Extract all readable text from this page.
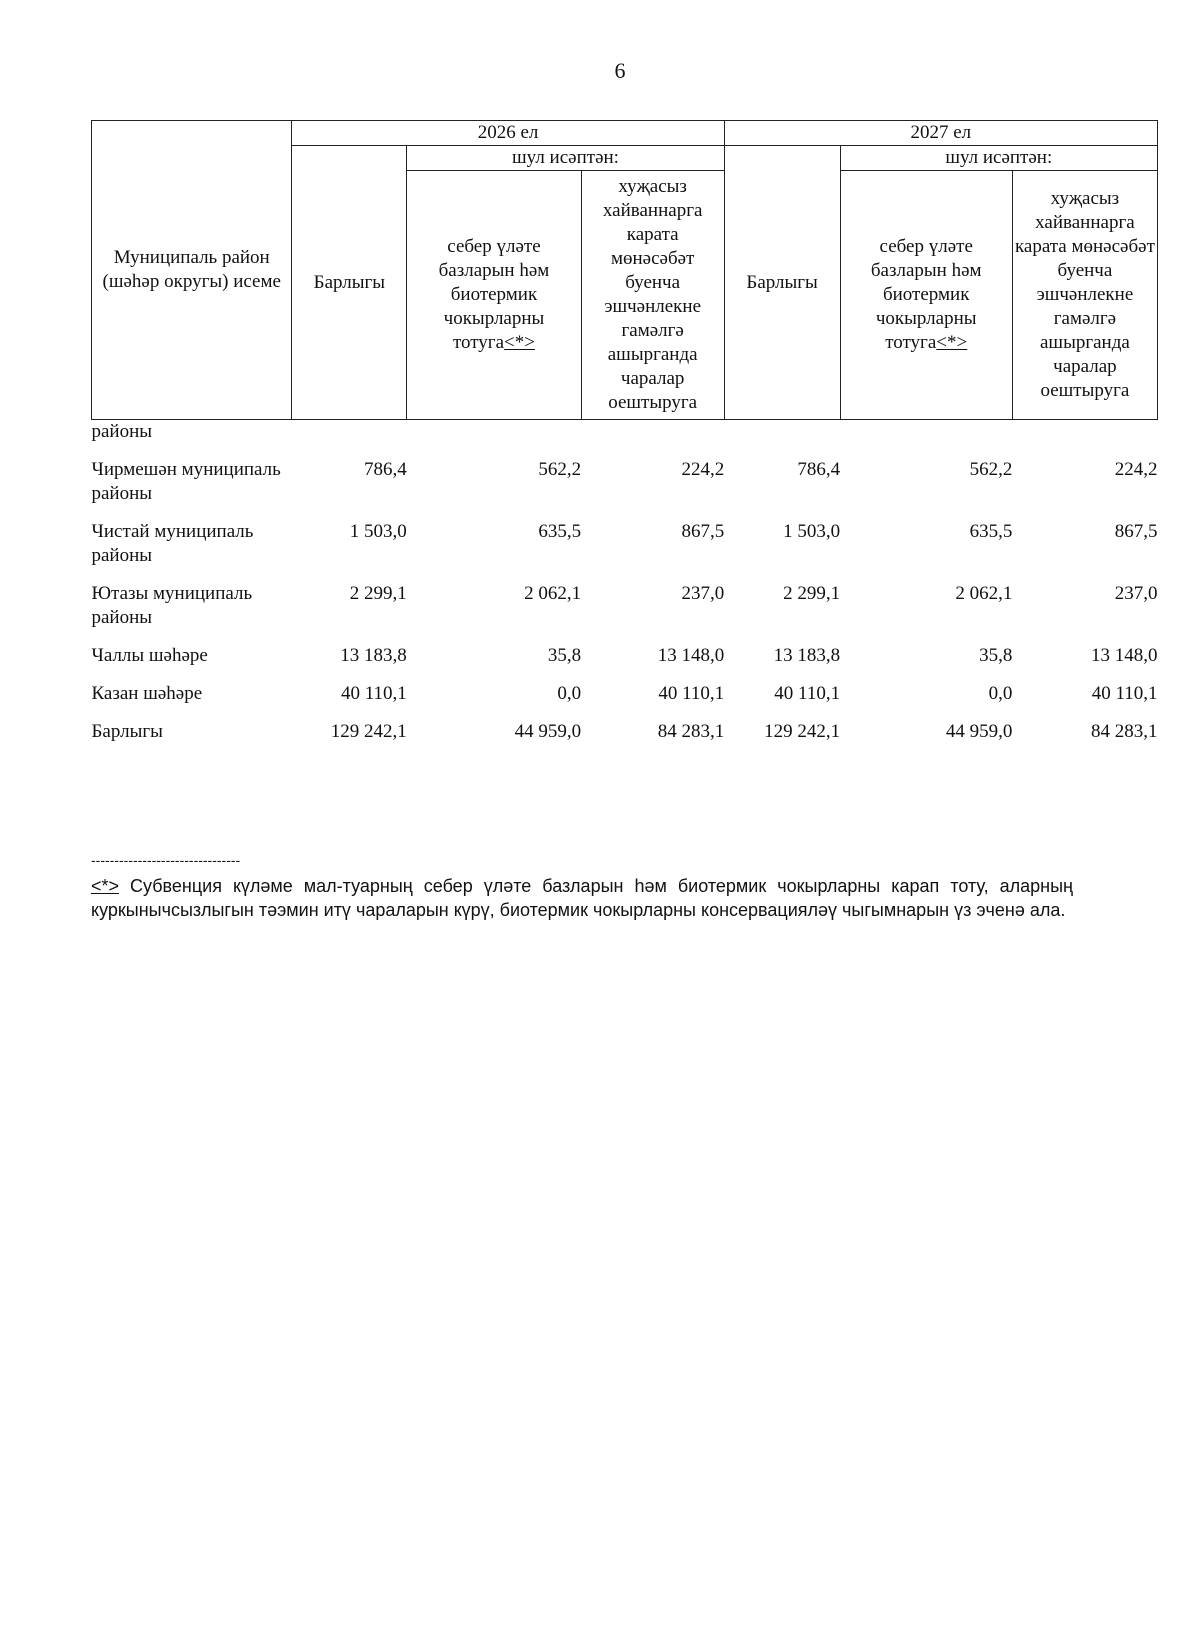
6
Муниципаль район (шәһәр округы) исеме	2026 ел			2027 ел		
	Барлыгы	шул исәптән:		Барлыгы	шул исәптән:	
		себер үләте базларын һәм биотермик чокырларны тотуга<*>	хуҗасыз хайваннарга карата мөнәсәбәт буенча эшчәнлекне гамәлгә ашырганда чаралар оештыруга		себер үләте базларын һәм биотермик чокырларны тотуга<*>	хуҗасыз хайваннарга карата мөнәсәбәт буенча эшчәнлекне гамәлгә ашырганда чаралар оештыруга
районы						
Чирмешән муниципаль районы	786,4	562,2	224,2	786,4	562,2	224,2
Чистай муниципаль районы	1 503,0	635,5	867,5	1 503,0	635,5	867,5
Ютазы муниципаль районы	2 299,1	2 062,1	237,0	2 299,1	2 062,1	237,0
Чаллы шәһәре	13 183,8	35,8	13 148,0	13 183,8	35,8	13 148,0
Казан шәһәре	40 110,1	0,0	40 110,1	40 110,1	0,0	40 110,1
Барлыгы	129 242,1	44 959,0	84 283,1	129 242,1	44 959,0	84 283,1
--------------------------------
<*> Субвенция күләме мал-туарның себер үләте базларын һәм биотермик чокырларны карап тоту, аларның куркынычсызлыгын тәэмин итү чараларын күрү, биотермик чокырларны консервацияләү чыгымнарын үз эченә ала.
